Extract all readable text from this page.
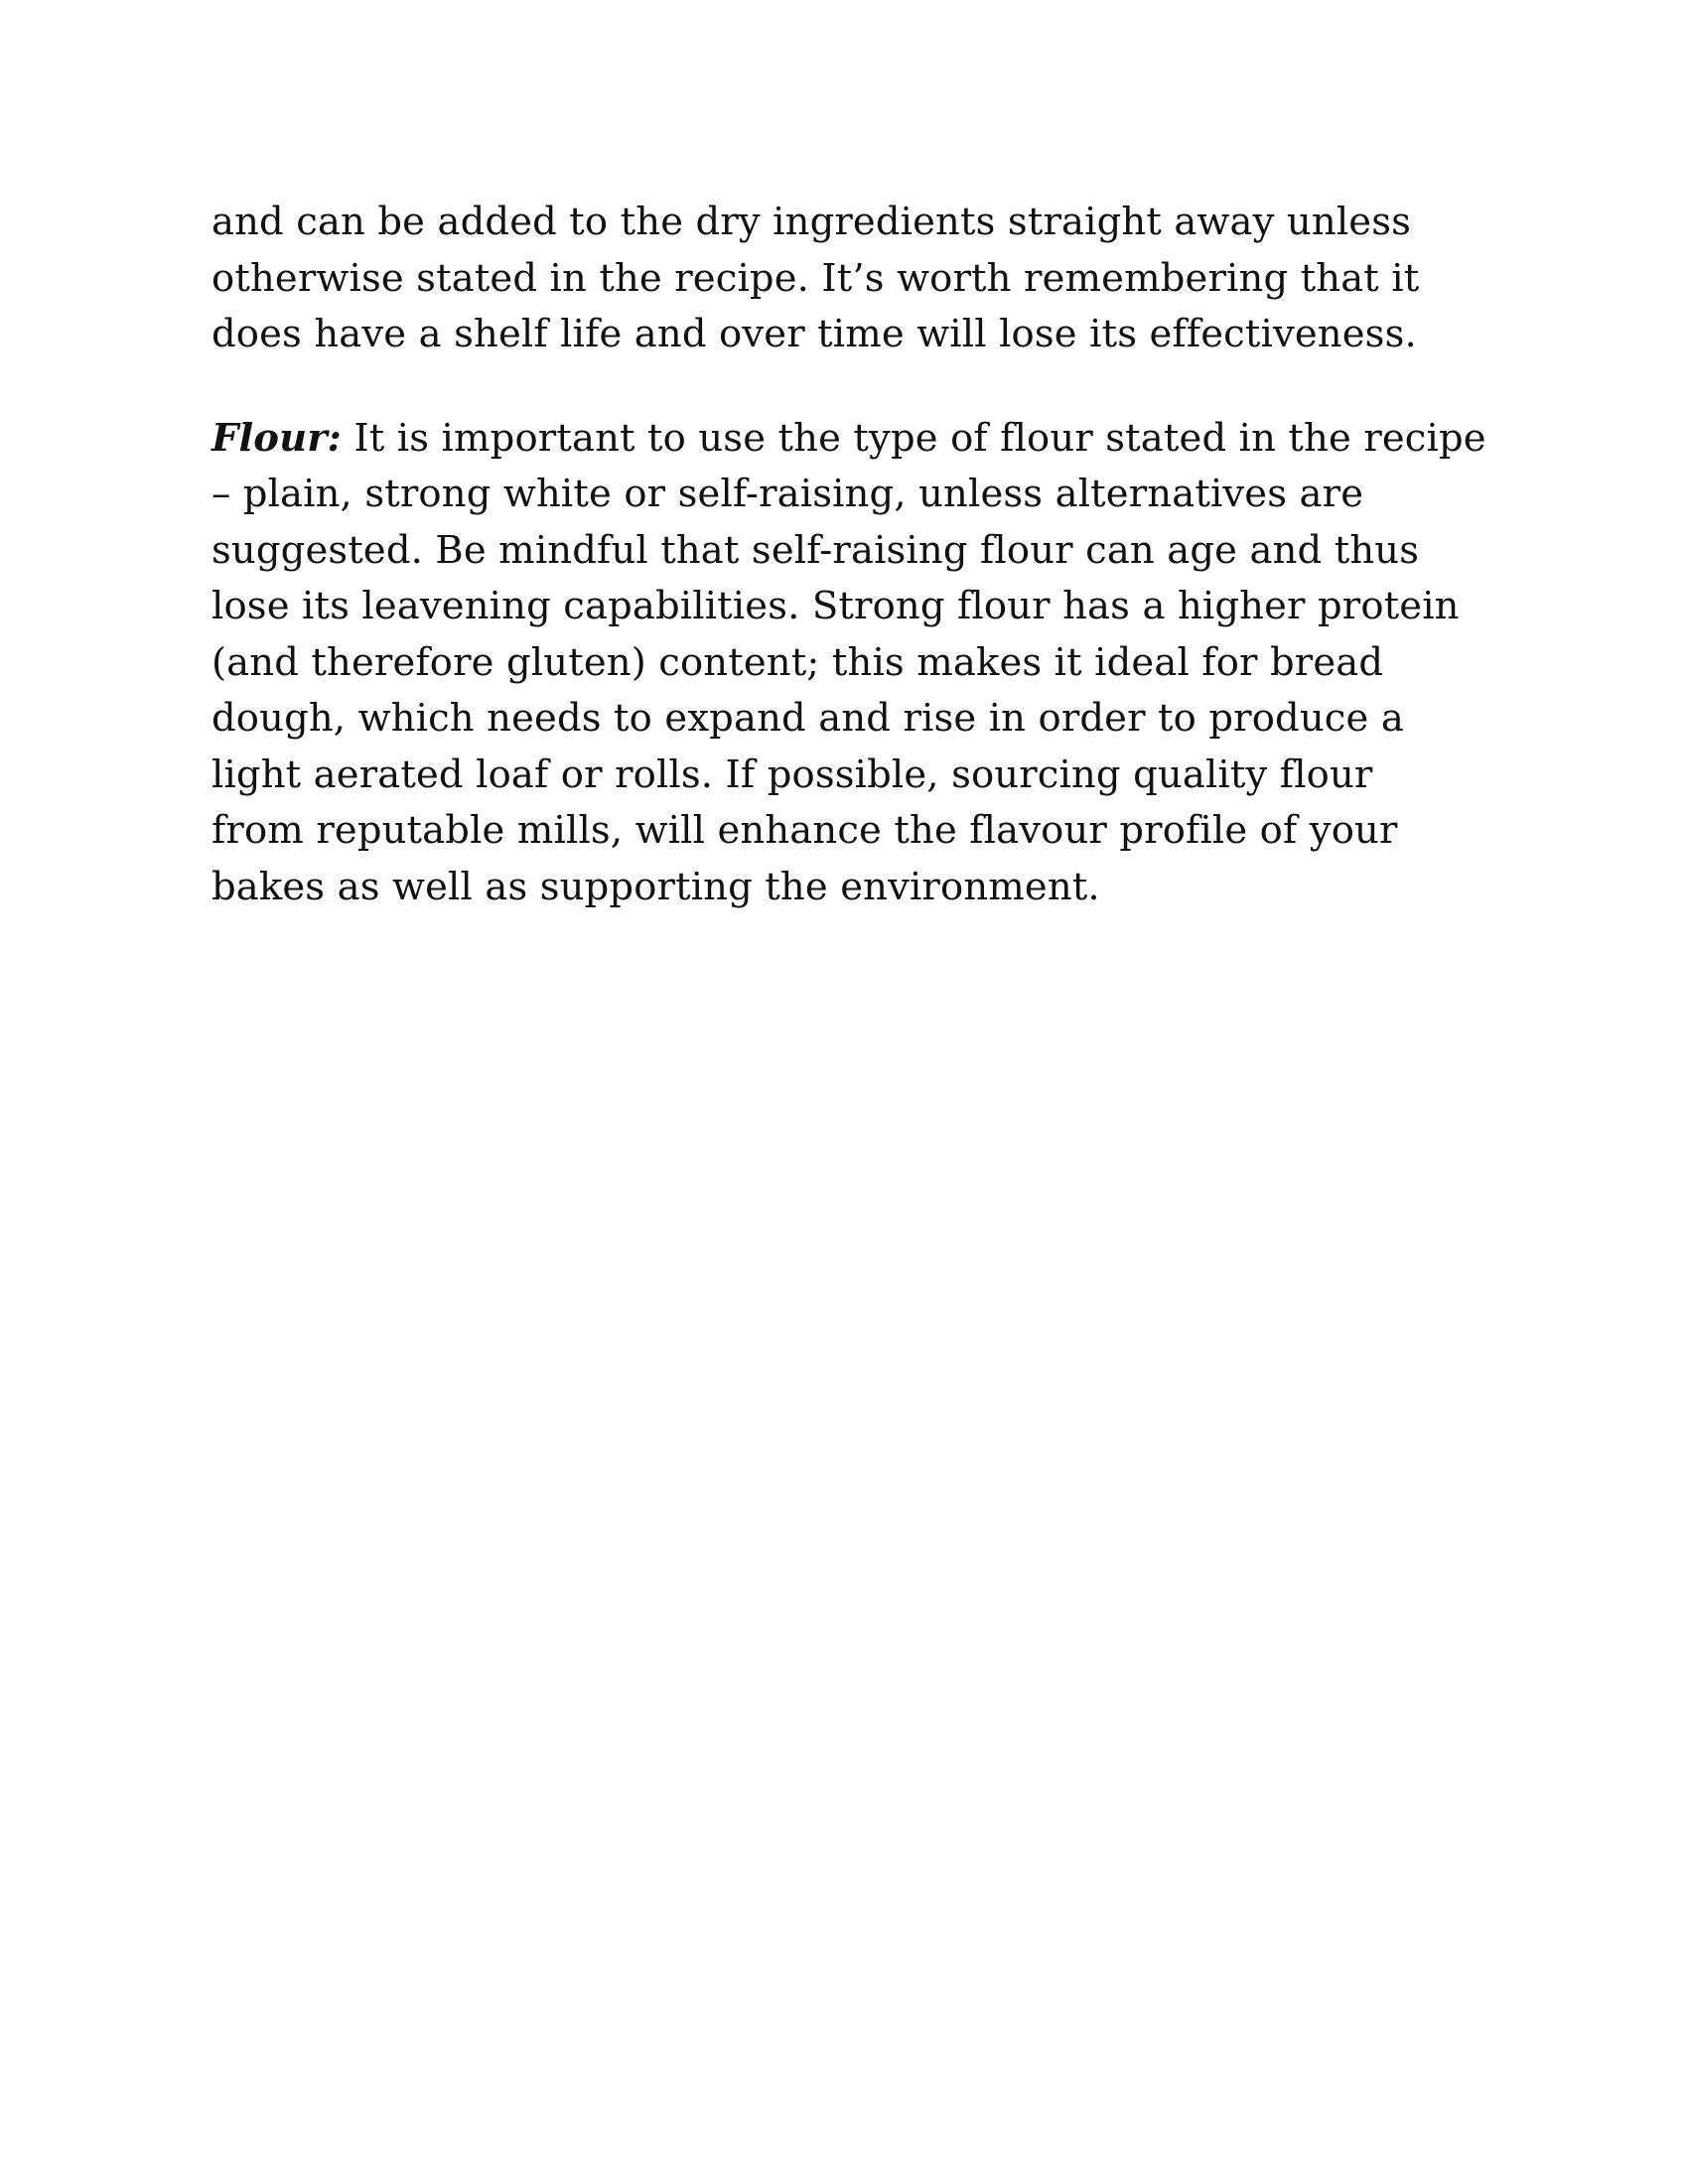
and can be added to the dry ingredients straight away unless
otherwise stated in the recipe. It’s worth remembering that it
does have a shelf life and over time will lose its effectiveness.

Flour: It is important to use the type of flour stated in the recipe
– plain, strong white or self-raising, unless alternatives are
suggested. Be mindful that self-raising flour can age and thus
lose its leavening capabilities. Strong flour has a higher protein
(and therefore gluten) content; this makes it ideal for bread
dough, which needs to expand and rise in order to produce a
light aerated loaf or rolls. If possible, sourcing quality flour
from reputable mills, will enhance the flavour profile of your
bakes as well as supporting the environment.
